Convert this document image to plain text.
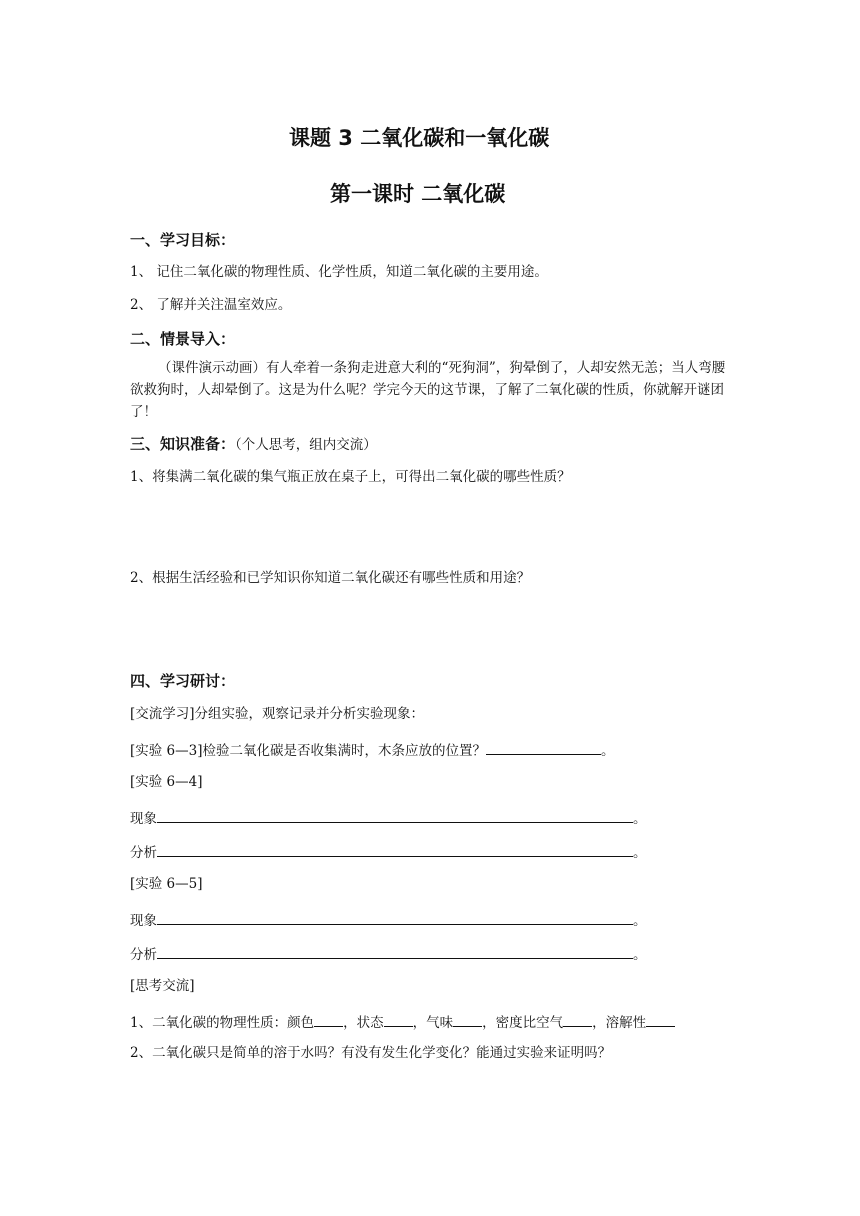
课题 3 二氧化碳和一氧化碳
第一课时 二氧化碳
一、学习目标：
1、 记住二氧化碳的物理性质、化学性质，知道二氧化碳的主要用途。
2、 了解并关注温室效应。
二、情景导入：
（课件演示动画）有人牵着一条狗走进意大利的“死狗洞”，狗晕倒了，人却安然无恙；当人弯腰欲救狗时，人却晕倒了。这是为什么呢？学完今天的这节课，了解了二氧化碳的性质，你就解开谜团了！
三、知识准备：（个人思考，组内交流）
1、将集满二氧化碳的集气瓶正放在桌子上，可得出二氧化碳的哪些性质？
2、根据生活经验和已学知识你知道二氧化碳还有哪些性质和用途？
四、学习研讨：
[交流学习]分组实验，观察记录并分析实验现象：
[实验 6—3]检验二氧化碳是否收集满时，木条应放的位置？	。
[实验 6—4]
现象	。
分析	。
[实验 6—5]
现象	。
分析	。
[思考交流]
1、二氧化碳的物理性质：颜色 ，状态 ，气味 ，密度比空气 ，溶解性
2、二氧化碳只是简单的溶于水吗？有没有发生化学变化？能通过实验来证明吗？
